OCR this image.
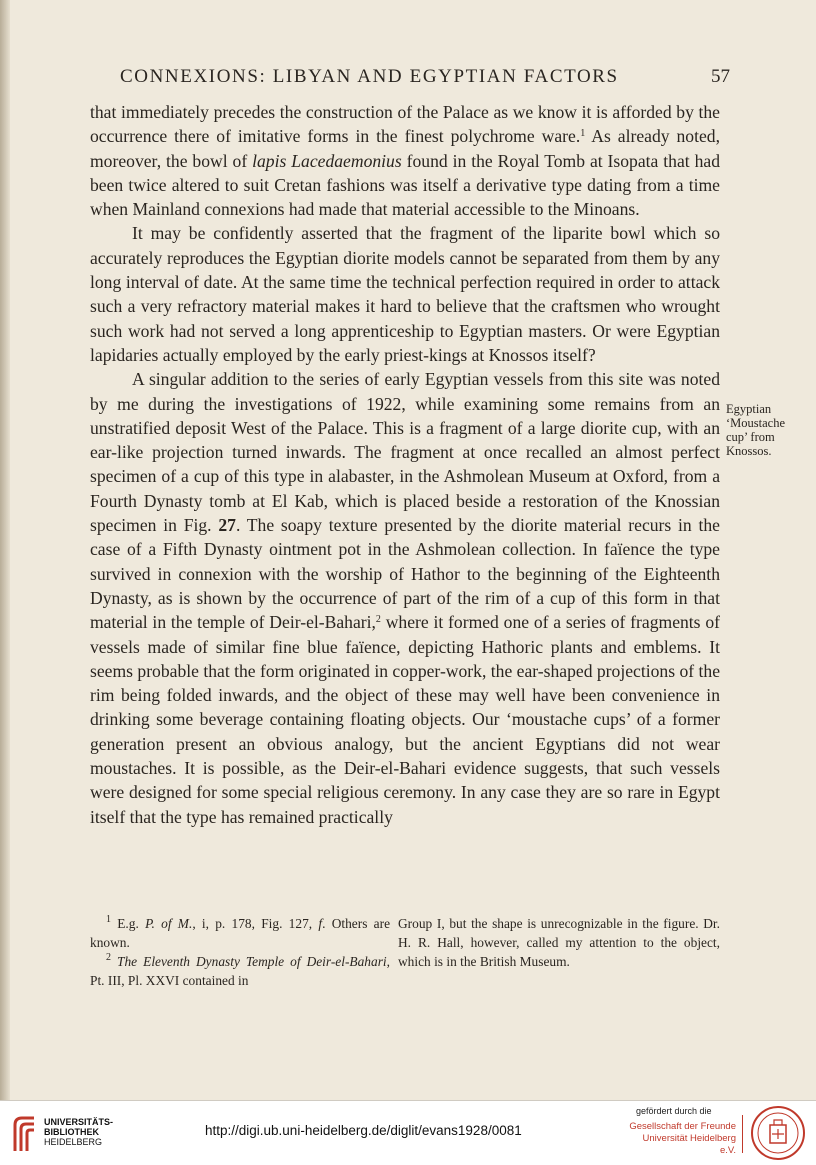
CONNEXIONS: LIBYAN AND EGYPTIAN FACTORS	57

that immediately precedes the construction of the Palace as we know it is afforded by the occurrence there of imitative forms in the finest polychrome ware.$^1$ As already noted, moreover, the bowl of lapis Lacedaemonius found in the Royal Tomb at Isopata that had been twice altered to suit Cretan fashions was itself a derivative type dating from a time when Mainland connexions had made that material accessible to the Minoans.

It may be confidently asserted that the fragment of the liparite bowl which so accurately reproduces the Egyptian diorite models cannot be separated from them by any long interval of date. At the same time the technical perfection required in order to attack such a very refractory material makes it hard to believe that the craftsmen who wrought such work had not served a long apprenticeship to Egyptian masters. Or were Egyptian lapidaries actually employed by the early priest-kings at Knossos itself?

A singular addition to the series of early Egyptian vessels from this site was noted by me during the investigations of 1922, while examining some remains from an unstratified deposit West of the Palace. This is a fragment of a large diorite cup, with an ear-like projection turned inwards. The fragment at once recalled an almost perfect specimen of a cup of this type in alabaster, in the Ashmolean Museum at Oxford, from a Fourth Dynasty tomb at El Kab, which is placed beside a restoration of the Knossian specimen in Fig. 27. The soapy texture presented by the diorite material recurs in the case of a Fifth Dynasty ointment pot in the Ashmolean collection. In faïence the type survived in connexion with the worship of Hathor to the beginning of the Eighteenth Dynasty, as is shown by the occurrence of part of the rim of a cup of this form in that material in the temple of Deir-el-Bahari,$^2$ where it formed one of a series of fragments of vessels made of similar fine blue faïence, depicting Hathoric plants and emblems. It seems probable that the form originated in copper-work, the ear-shaped projections of the rim being folded inwards, and the object of these may well have been convenience in drinking some beverage containing floating objects. Our ‘moustache cups’ of a former generation present an obvious analogy, but the ancient Egyptians did not wear moustaches. It is possible, as the Deir-el-Bahari evidence suggests, that such vessels were designed for some special religious ceremony. In any case they are so rare in Egypt itself that the type has remained practically

Egyptian ‘Moustache cup’ from Knossos.

$^1$ E.g. P. of M., i, p. 178, Fig. 127, f. Others are known.

$^2$ The Eleventh Dynasty Temple of Deir-el-Bahari, Pt. III, Pl. XXVI contained in

Group I, but the shape is unrecognizable in the figure. Dr. H. R. Hall, however, called my attention to the object, which is in the British Museum.

UNIVERSITÄTS-
BIBLIOTHEK
HEIDELBERG
http://digi.ub.uni-heidelberg.de/diglit/evans1928/0081
gefördert durch die
Gesellschaft der Freunde
Universität Heidelberg e.V.
